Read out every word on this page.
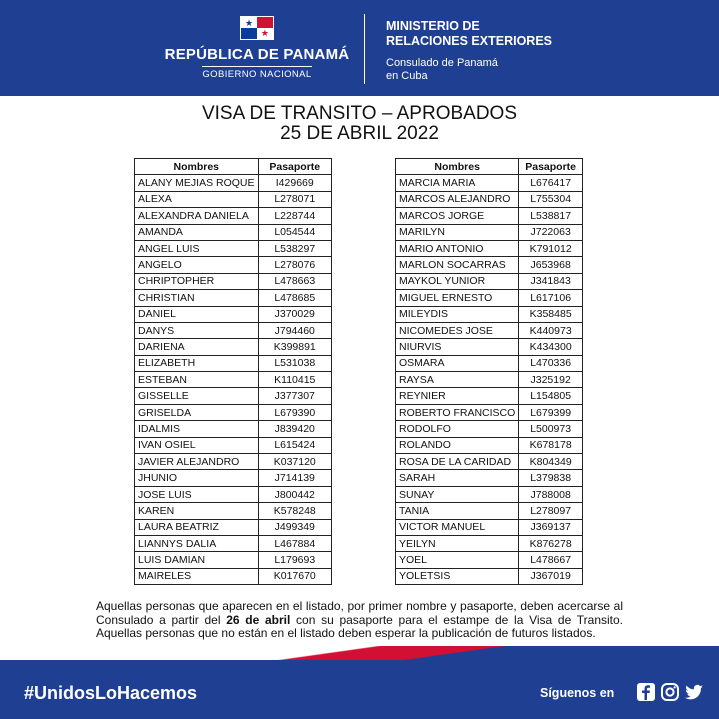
★
★
REPÚBLICA DE PANAMÁ
GOBIERNO NACIONAL
MINISTERIO DE
RELACIONES EXTERIORES
Consulado de Panamá
en Cuba
VISA DE TRANSITO – APROBADOS
25 DE ABRIL 2022
Nombres	Pasaporte
ALANY MEJIAS ROQUE	I429669
ALEXA	L278071
ALEXANDRA DANIELA	L228744
AMANDA	L054544
ANGEL LUIS	L538297
ANGELO	L278076
CHRIPTOPHER	L478663
CHRISTIAN	L478685
DANIEL	J370029
DANYS	J794460
DARIENA	K399891
ELIZABETH	L531038
ESTEBAN	K110415
GISSELLE	J377307
GRISELDA	L679390
IDALMIS	J839420
IVAN OSIEL	L615424
JAVIER ALEJANDRO	K037120
JHUNIO	J714139
JOSE LUIS	J800442
KAREN	K578248
LAURA BEATRIZ	J499349
LIANNYS DALIA	L467884
LUIS DAMIAN	L179693
MAIRELES	K017670
Nombres	Pasaporte
MARCIA MARIA	L676417
MARCOS ALEJANDRO	L755304
MARCOS JORGE	L538817
MARILYN	J722063
MARIO ANTONIO	K791012
MARLON SOCARRAS	J653968
MAYKOL YUNIOR	J341843
MIGUEL ERNESTO	L617106
MILEYDIS	K358485
NICOMEDES JOSE	K440973
NIURVIS	K434300
OSMARA	L470336
RAYSA	J325192
REYNIER	L154805
ROBERTO FRANCISCO	L679399
RODOLFO	L500973
ROLANDO	K678178
ROSA DE LA CARIDAD	K804349
SARAH	L379838
SUNAY	J788008
TANIA	L278097
VICTOR MANUEL	J369137
YEILYN	K876278
YOEL	L478667
YOLETSIS	J367019
Aquellas personas que aparecen en el listado, por primer nombre y pasaporte, deben acercarse al Consulado a partir del 26 de abril con su pasaporte para el estampe de la Visa de Transito. Aquellas personas que no están en el listado deben esperar la publicación de futuros listados.
#UnidosLoHacemos	Síguenos en
